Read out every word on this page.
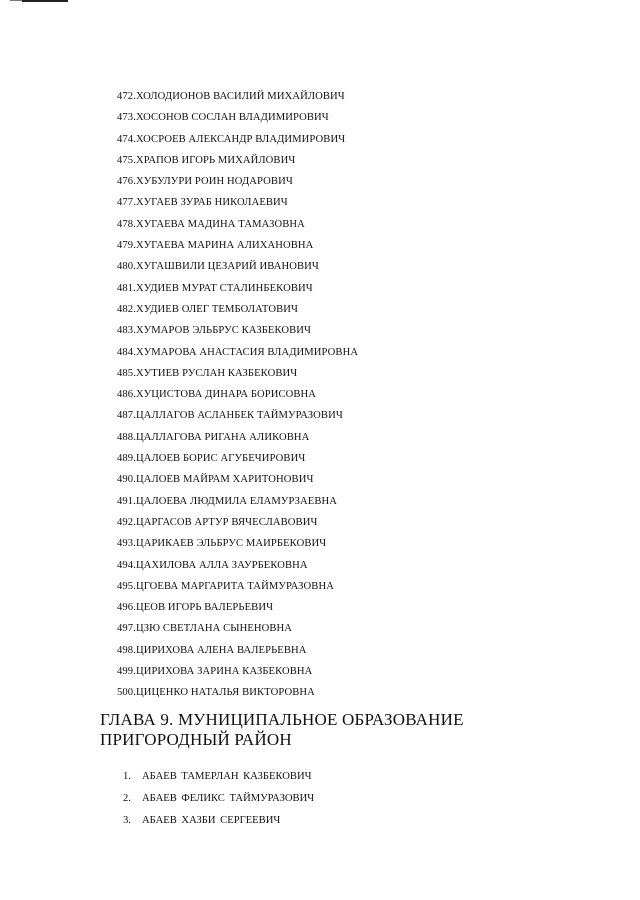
472.ХОЛОДИОНОВ ВАСИЛИЙ МИХАЙЛОВИЧ
473.ХОСОНОВ СОСЛАН ВЛАДИМИРОВИЧ
474.ХОСРОЕВ АЛЕКСАНДР ВЛАДИМИРОВИЧ
475.ХРАПОВ ИГОРЬ МИХАЙЛОВИЧ
476.ХУБУЛУРИ РОИН НОДАРОВИЧ
477.ХУГАЕВ ЗУРАБ НИКОЛАЕВИЧ
478.ХУГАЕВА МАДИНА ТАМАЗОВНА
479.ХУГАЕВА МАРИНА АЛИХАНОВНА
480.ХУГАШВИЛИ ЦЕЗАРИЙ ИВАНОВИЧ
481.ХУДИЕВ МУРАТ СТАЛИНБЕКОВИЧ
482.ХУДИЕВ ОЛЕГ ТЕМБОЛАТОВИЧ
483.ХУМАРОВ ЭЛЬБРУС КАЗБЕКОВИЧ
484.ХУМАРОВА АНАСТАСИЯ ВЛАДИМИРОВНА
485.ХУТИЕВ РУСЛАН КАЗБЕКОВИЧ
486.ХУЦИСТОВА ДИНАРА БОРИСОВНА
487.ЦАЛЛАГОВ АСЛАНБЕК ТАЙМУРАЗОВИЧ
488.ЦАЛЛАГОВА РИГАНА АЛИКОВНА
489.ЦАЛОЕВ БОРИС АГУБЕЧИРОВИЧ
490.ЦАЛОЕВ МАЙРАМ ХАРИТОНОВИЧ
491.ЦАЛОЕВА ЛЮДМИЛА ЕЛАМУРЗАЕВНА
492.ЦАРГАСОВ АРТУР ВЯЧЕСЛАВОВИЧ
493.ЦАРИКАЕВ ЭЛЬБРУС МАИРБЕКОВИЧ
494.ЦАХИЛОВА АЛЛА ЗАУРБЕКОВНА
495.ЦГОЕВА МАРГАРИТА ТАЙМУРАЗОВНА
496.ЦЕОВ ИГОРЬ ВАЛЕРЬЕВИЧ
497.ЦЗЮ СВЕТЛАНА СЫНЕНОВНА
498.ЦИРИХОВА АЛЕНА ВАЛЕРЬЕВНА
499.ЦИРИХОВА ЗАРИНА КАЗБЕКОВНА
500.ЦИЦЕНКО НАТАЛЬЯ ВИКТОРОВНА
ГЛАВА 9. МУНИЦИПАЛЬНОЕ ОБРАЗОВАНИЕ ПРИГОРОДНЫЙ РАЙОН
1. АБАЕВ ТАМЕРЛАН КАЗБЕКОВИЧ
2. АБАЕВ ФЕЛИКС ТАЙМУРАЗОВИЧ
3. АБАЕВ ХАЗБИ СЕРГЕЕВИЧ
